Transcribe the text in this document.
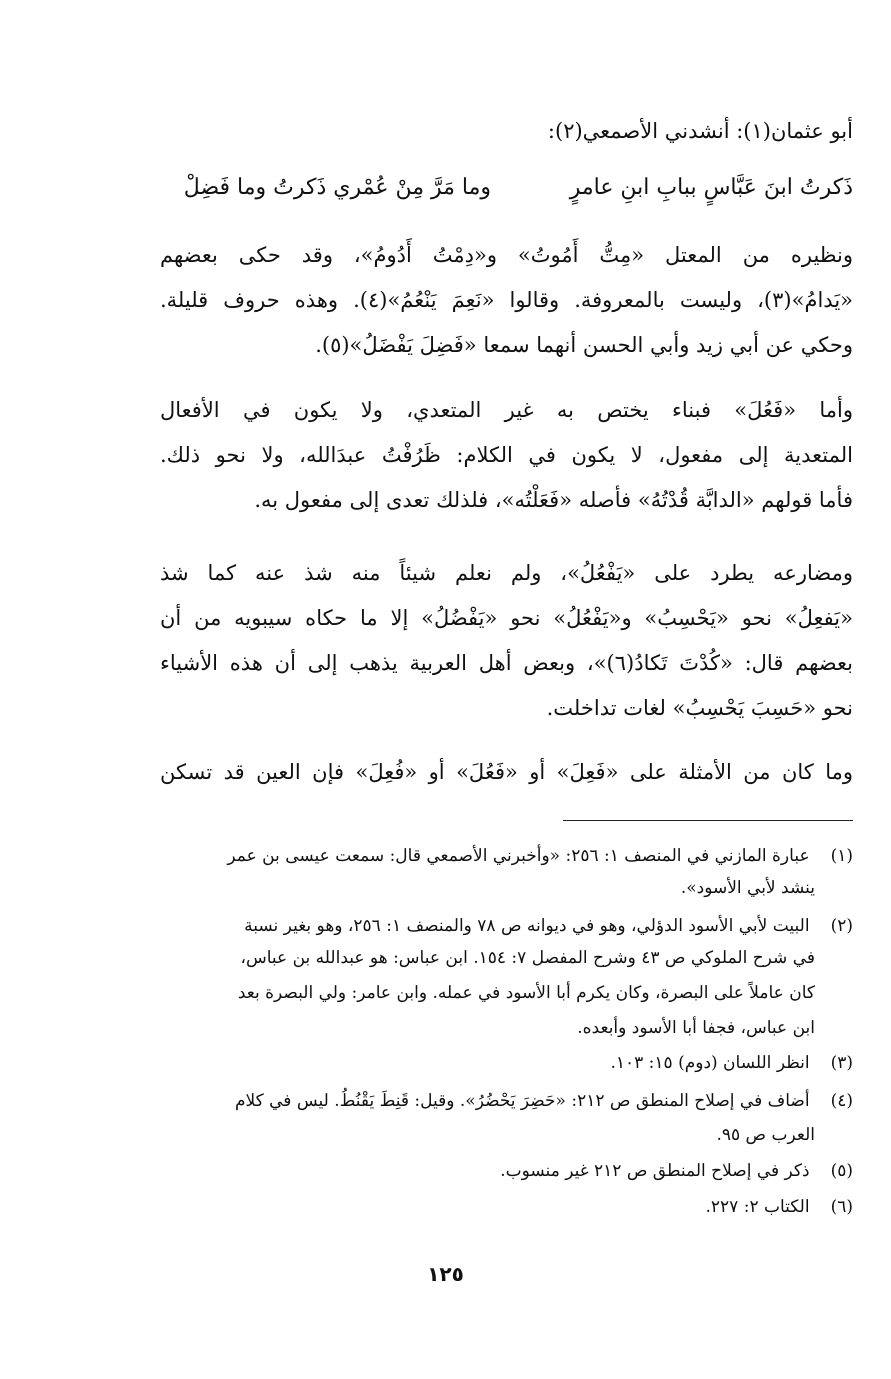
أبو عثمان(١): أنشدني الأصمعي(٢):
ذَكرتُ ابنَ عَبَّاسٍ ببابِ ابنِ عامرٍ
وما مَرَّ مِنْ عُمْري ذَكرتُ وما فَضِلْ
ونظيره من المعتل «مِتُّ أَمُوتُ» و«دِمْتُ أَدُومُ»، وقد حكى بعضهم
«يَدامُ»(٣)، وليست بالمعروفة. وقالوا «نَعِمَ يَنْعُمُ»(٤). وهذه حروف قليلة.
وحكي عن أبي زيد وأبي الحسن أنهما سمعا «فَضِلَ يَفْضَلُ»(٥).
وأما «فَعُلَ» فبناء يختص به غير المتعدي، ولا يكون في الأفعال
المتعدية إلى مفعول، لا يكون في الكلام: ظَرُفْتُ عبدَالله، ولا نحو ذلك.
فأما قولهم «الدابَّة قُدْتُهُ» فأصله «فَعَلْتُه»، فلذلك تعدى إلى مفعول به.
ومضارعه يطرد على «يَفْعُلُ»، ولم نعلم شيئاً منه شذ عنه كما شذ
«يَفعِلُ» نحو «يَحْسِبُ» و«يَفْعُلُ» نحو «يَفْضُلُ» إلا ما حكاه سيبويه من أن
بعضهم قال: «كُدْتَ تَكادُ(٦)»، وبعض أهل العربية يذهب إلى أن هذه الأشياء
نحو «حَسِبَ يَحْسِبُ» لغات تداخلت.
وما كان من الأمثلة على «فَعِلَ» أو «فَعُلَ» أو «فُعِلَ» فإن العين قد تسكن
(١) عبارة المازني في المنصف ١: ٢٥٦: «وأخبرني الأصمعي قال: سمعت عيسى بن عمر
ينشد لأبي الأسود».
(٢) البيت لأبي الأسود الدؤلي، وهو في ديوانه ص ٧٨ والمنصف ١: ٢٥٦، وهو بغير نسبة
في شرح الملوكي ص ٤٣ وشرح المفصل ٧: ١٥٤. ابن عباس: هو عبدالله بن عباس،
كان عاملاً على البصرة، وكان يكرم أبا الأسود في عمله. وابن عامر: ولي البصرة بعد
ابن عباس، فجفا أبا الأسود وأبعده.
(٣) انظر اللسان (دوم) ١٥: ١٠٣.
(٤) أضاف في إصلاح المنطق ص ٢١٢: «حَضِرَ يَحْضُرُ». وقيل: قَنِطَ يَقْنُطُ. ليس في كلام
العرب ص ٩٥.
(٥) ذكر في إصلاح المنطق ص ٢١٢ غير منسوب.
(٦) الكتاب ٢: ٢٢٧.
١٢٥
